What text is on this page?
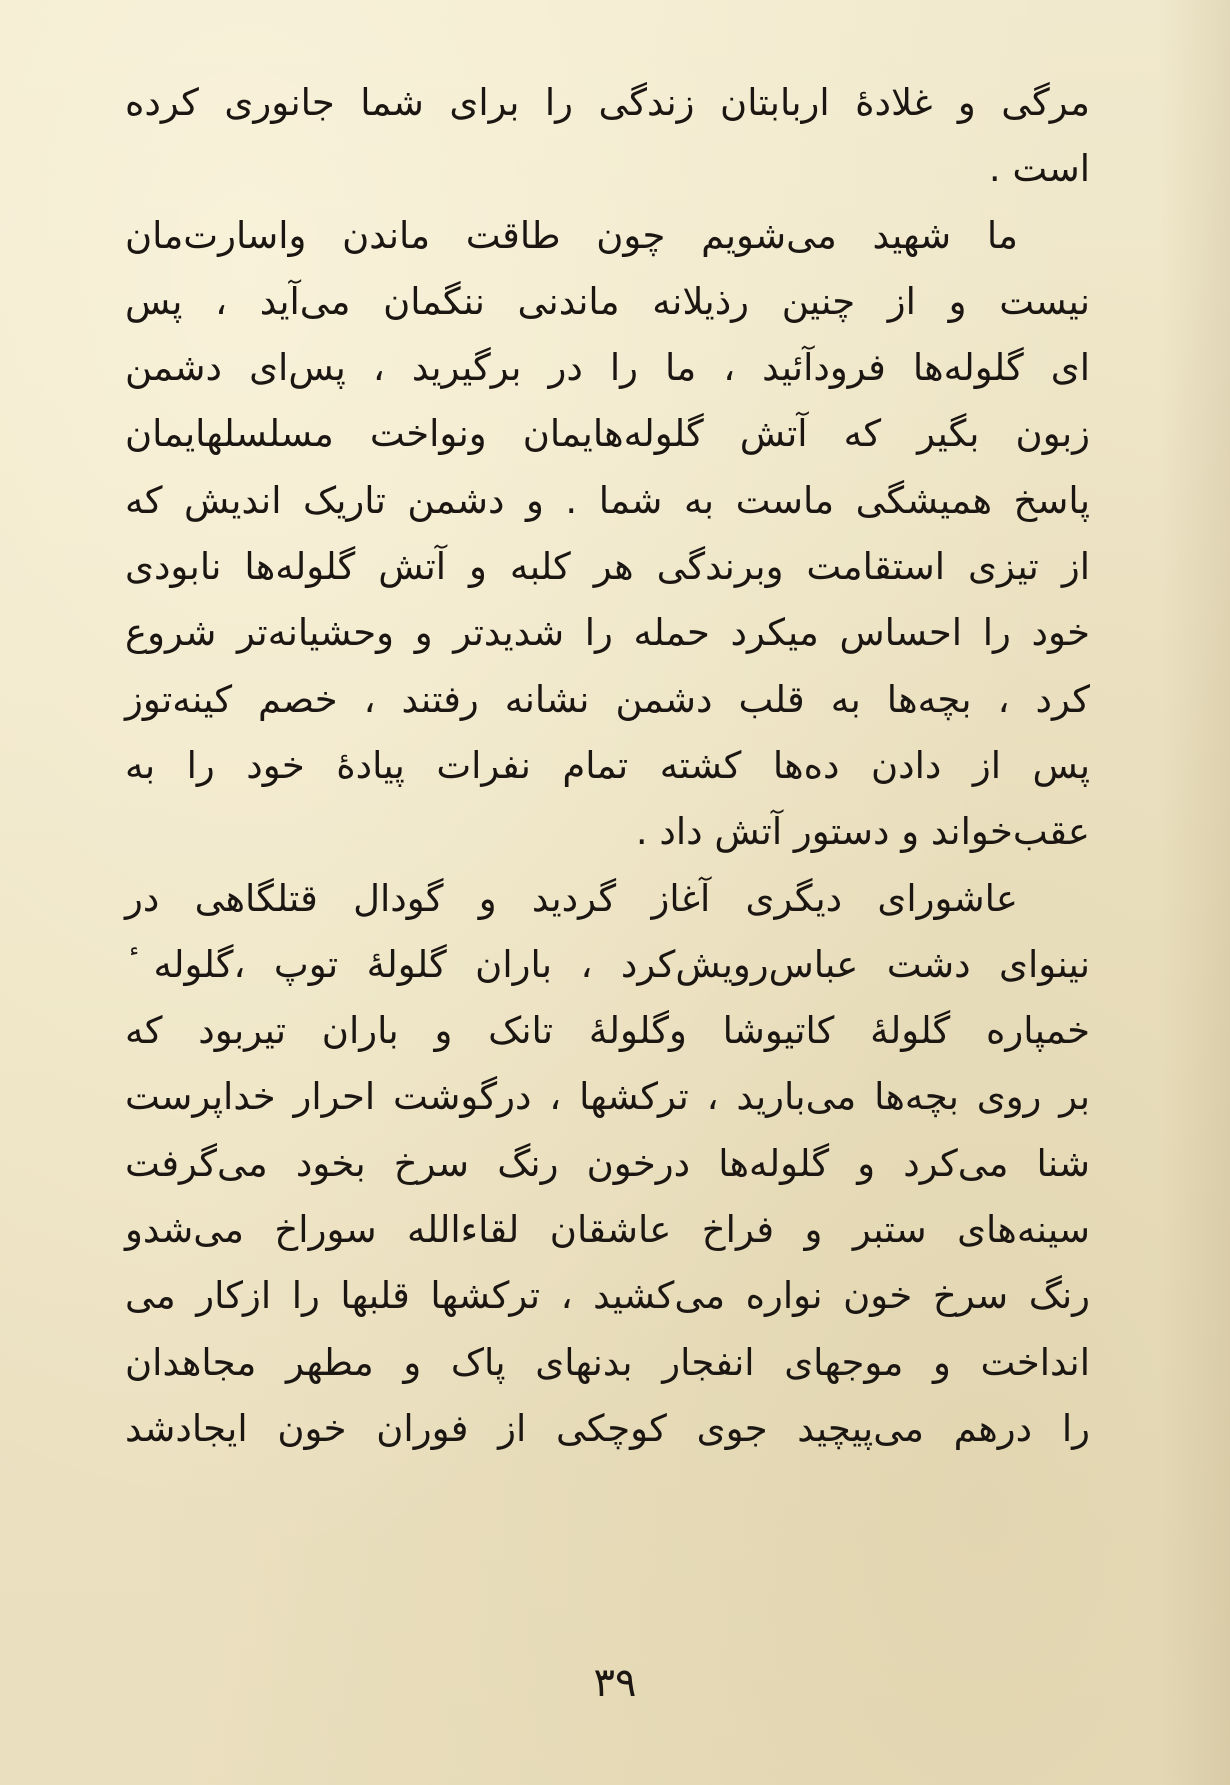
مرگی و غلادهٔ اربابتان زندگی را برای شما جانوری کرده
است .
ما شهید می‌شویم چون طاقت ماندن واسارت‌مان
نیست و از چنین رذیلانه ماندنی ننگمان می‌آید ، پس
ای گلوله‌ها فرودآئید ، ما را در برگیرید ، پس‌ای دشمن
زبون بگیر که آتش گلوله‌هایمان ونواخت مسلسلهایمان
پاسخ همیشگی ماست به شما . و دشمن تاریک اندیش که
از تیزی استقامت وبرندگی هر کلبه و آتش گلوله‌ها نابودی
خود را احساس میکرد حمله را شدیدتر و وحشیانه‌تر شروع
کرد ، بچه‌ها به قلب دشمن نشانه رفتند ، خصم کینه‌توز
پس از دادن ده‌ها کشته تمام نفرات پیادهٔ خود را به
عقب‌خواند و دستور آتش داد .
عاشورای دیگری آغاز گردید و گودال قتلگاهی در
نینوای دشت عباس‌رویش‌کرد ، باران گلولهٔ توپ ،گلوله ٔ
خمپاره گلولهٔ کاتیوشا وگلولهٔ تانک و باران تیربود که
بر روی بچه‌ها می‌بارید ، ترکشها ، درگوشت احرار خداپرست
شنا می‌کرد و گلوله‌ها درخون رنگ سرخ بخود می‌گرفت
سینه‌های ستبر و فراخ عاشقان لقاءالله سوراخ می‌شدو
رنگ سرخ خون نواره می‌کشید ، ترکشها قلبها را ازکار می
انداخت و موجهای انفجار بدنهای پاک و مطهر مجاهدان
را درهم می‌پیچید جوی کوچکی از فوران خون ایجادشد
۳۹
